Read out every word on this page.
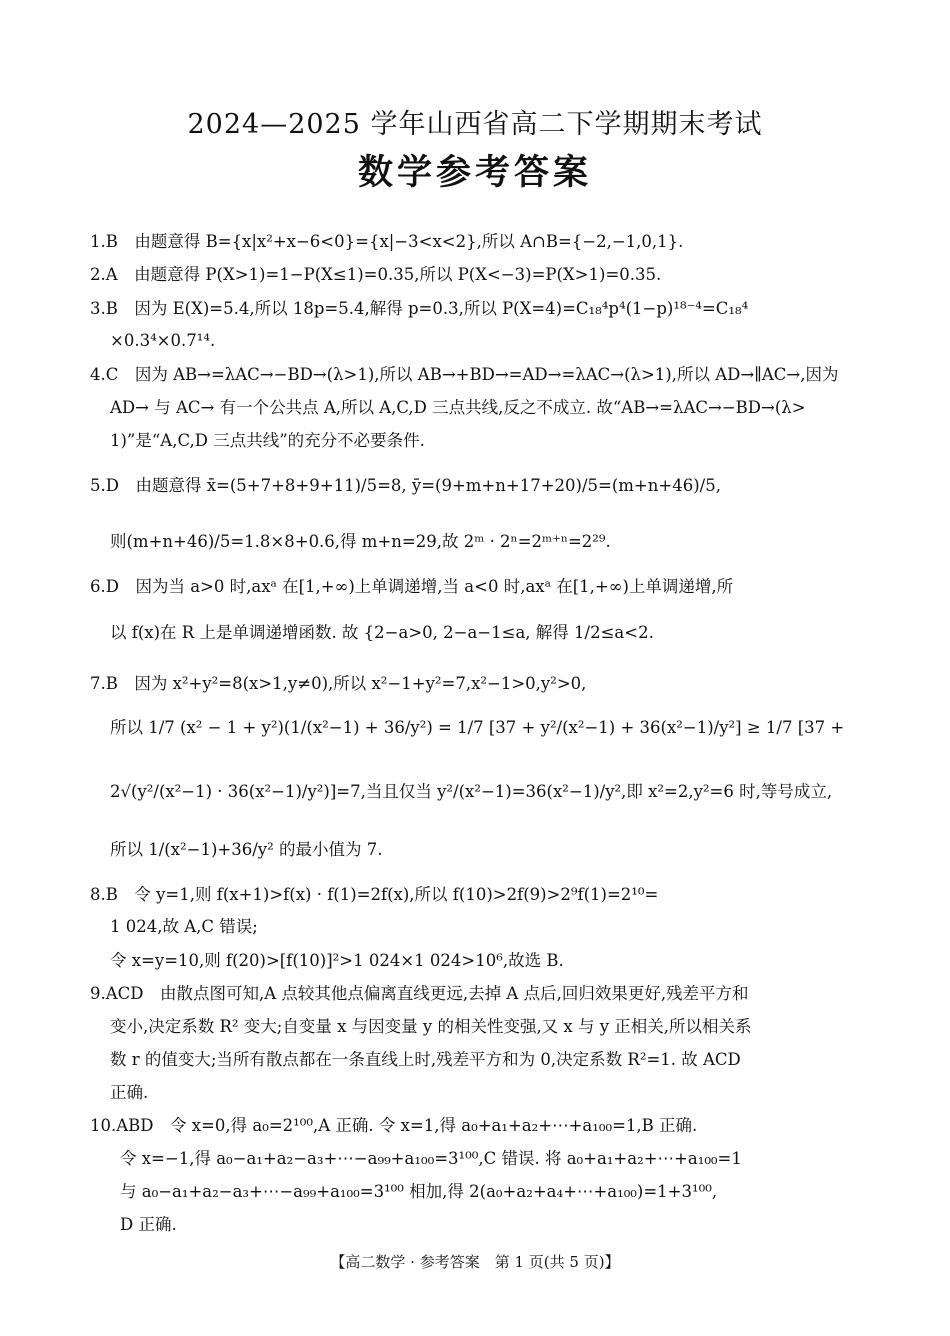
2024—2025 学年山西省高二下学期期末考试
数学参考答案
1.B　由题意得 B={x|x²+x−6<0}={x|−3<x<2},所以 A∩B={−2,−1,0,1}.
2.A　由题意得 P(X>1)=1−P(X≤1)=0.35,所以 P(X<−3)=P(X>1)=0.35.
3.B　因为 E(X)=5.4,所以 18p=5.4,解得 p=0.3,所以 P(X=4)=C₁₈⁴p⁴(1−p)¹⁸⁻⁴=C₁₈⁴
×0.3⁴×0.7¹⁴.
4.C　因为 AB→=λAC→−BD→(λ>1),所以 AB→+BD→=AD→=λAC→(λ>1),所以 AD→∥AC→,因为
AD→ 与 AC→ 有一个公共点 A,所以 A,C,D 三点共线,反之不成立. 故“AB→=λAC→−BD→(λ>
1)”是“A,C,D 三点共线”的充分不必要条件.
5.D　由题意得 x̄=(5+7+8+9+11)/5=8, ȳ=(9+m+n+17+20)/5=(m+n+46)/5,
则(m+n+46)/5=1.8×8+0.6,得 m+n=29,故 2ᵐ · 2ⁿ=2ᵐ⁺ⁿ=2²⁹.
6.D　因为当 a>0 时,axᵃ 在[1,+∞)上单调递增,当 a<0 时,axᵃ 在[1,+∞)上单调递增,所
以 f(x)在 R 上是单调递增函数. 故 {2−a>0, 2−a−1≤a, 解得 1/2≤a<2.
7.B　因为 x²+y²=8(x>1,y≠0),所以 x²−1+y²=7,x²−1>0,y²>0,
所以 1/7 (x² − 1 + y²)(1/(x²−1) + 36/y²) = 1/7 [37 + y²/(x²−1) + 36(x²−1)/y²] ≥ 1/7 [37 +
2√(y²/(x²−1) · 36(x²−1)/y²)]=7,当且仅当 y²/(x²−1)=36(x²−1)/y²,即 x²=2,y²=6 时,等号成立,
所以 1/(x²−1)+36/y² 的最小值为 7.
8.B　令 y=1,则 f(x+1)>f(x) · f(1)=2f(x),所以 f(10)>2f(9)>2⁹f(1)=2¹⁰=
1 024,故 A,C 错误;
令 x=y=10,则 f(20)>[f(10)]²>1 024×1 024>10⁶,故选 B.
9.ACD　由散点图可知,A 点较其他点偏离直线更远,去掉 A 点后,回归效果更好,残差平方和
变小,决定系数 R² 变大;自变量 x 与因变量 y 的相关性变强,又 x 与 y 正相关,所以相关系
数 r 的值变大;当所有散点都在一条直线上时,残差平方和为 0,决定系数 R²=1. 故 ACD
正确.
10.ABD　令 x=0,得 a₀=2¹⁰⁰,A 正确. 令 x=1,得 a₀+a₁+a₂+⋯+a₁₀₀=1,B 正确.
令 x=−1,得 a₀−a₁+a₂−a₃+⋯−a₉₉+a₁₀₀=3¹⁰⁰,C 错误. 将 a₀+a₁+a₂+⋯+a₁₀₀=1
与 a₀−a₁+a₂−a₃+⋯−a₉₉+a₁₀₀=3¹⁰⁰ 相加,得 2(a₀+a₂+a₄+⋯+a₁₀₀)=1+3¹⁰⁰,
D 正确.
【高二数学 · 参考答案　第 1 页(共 5 页)】
